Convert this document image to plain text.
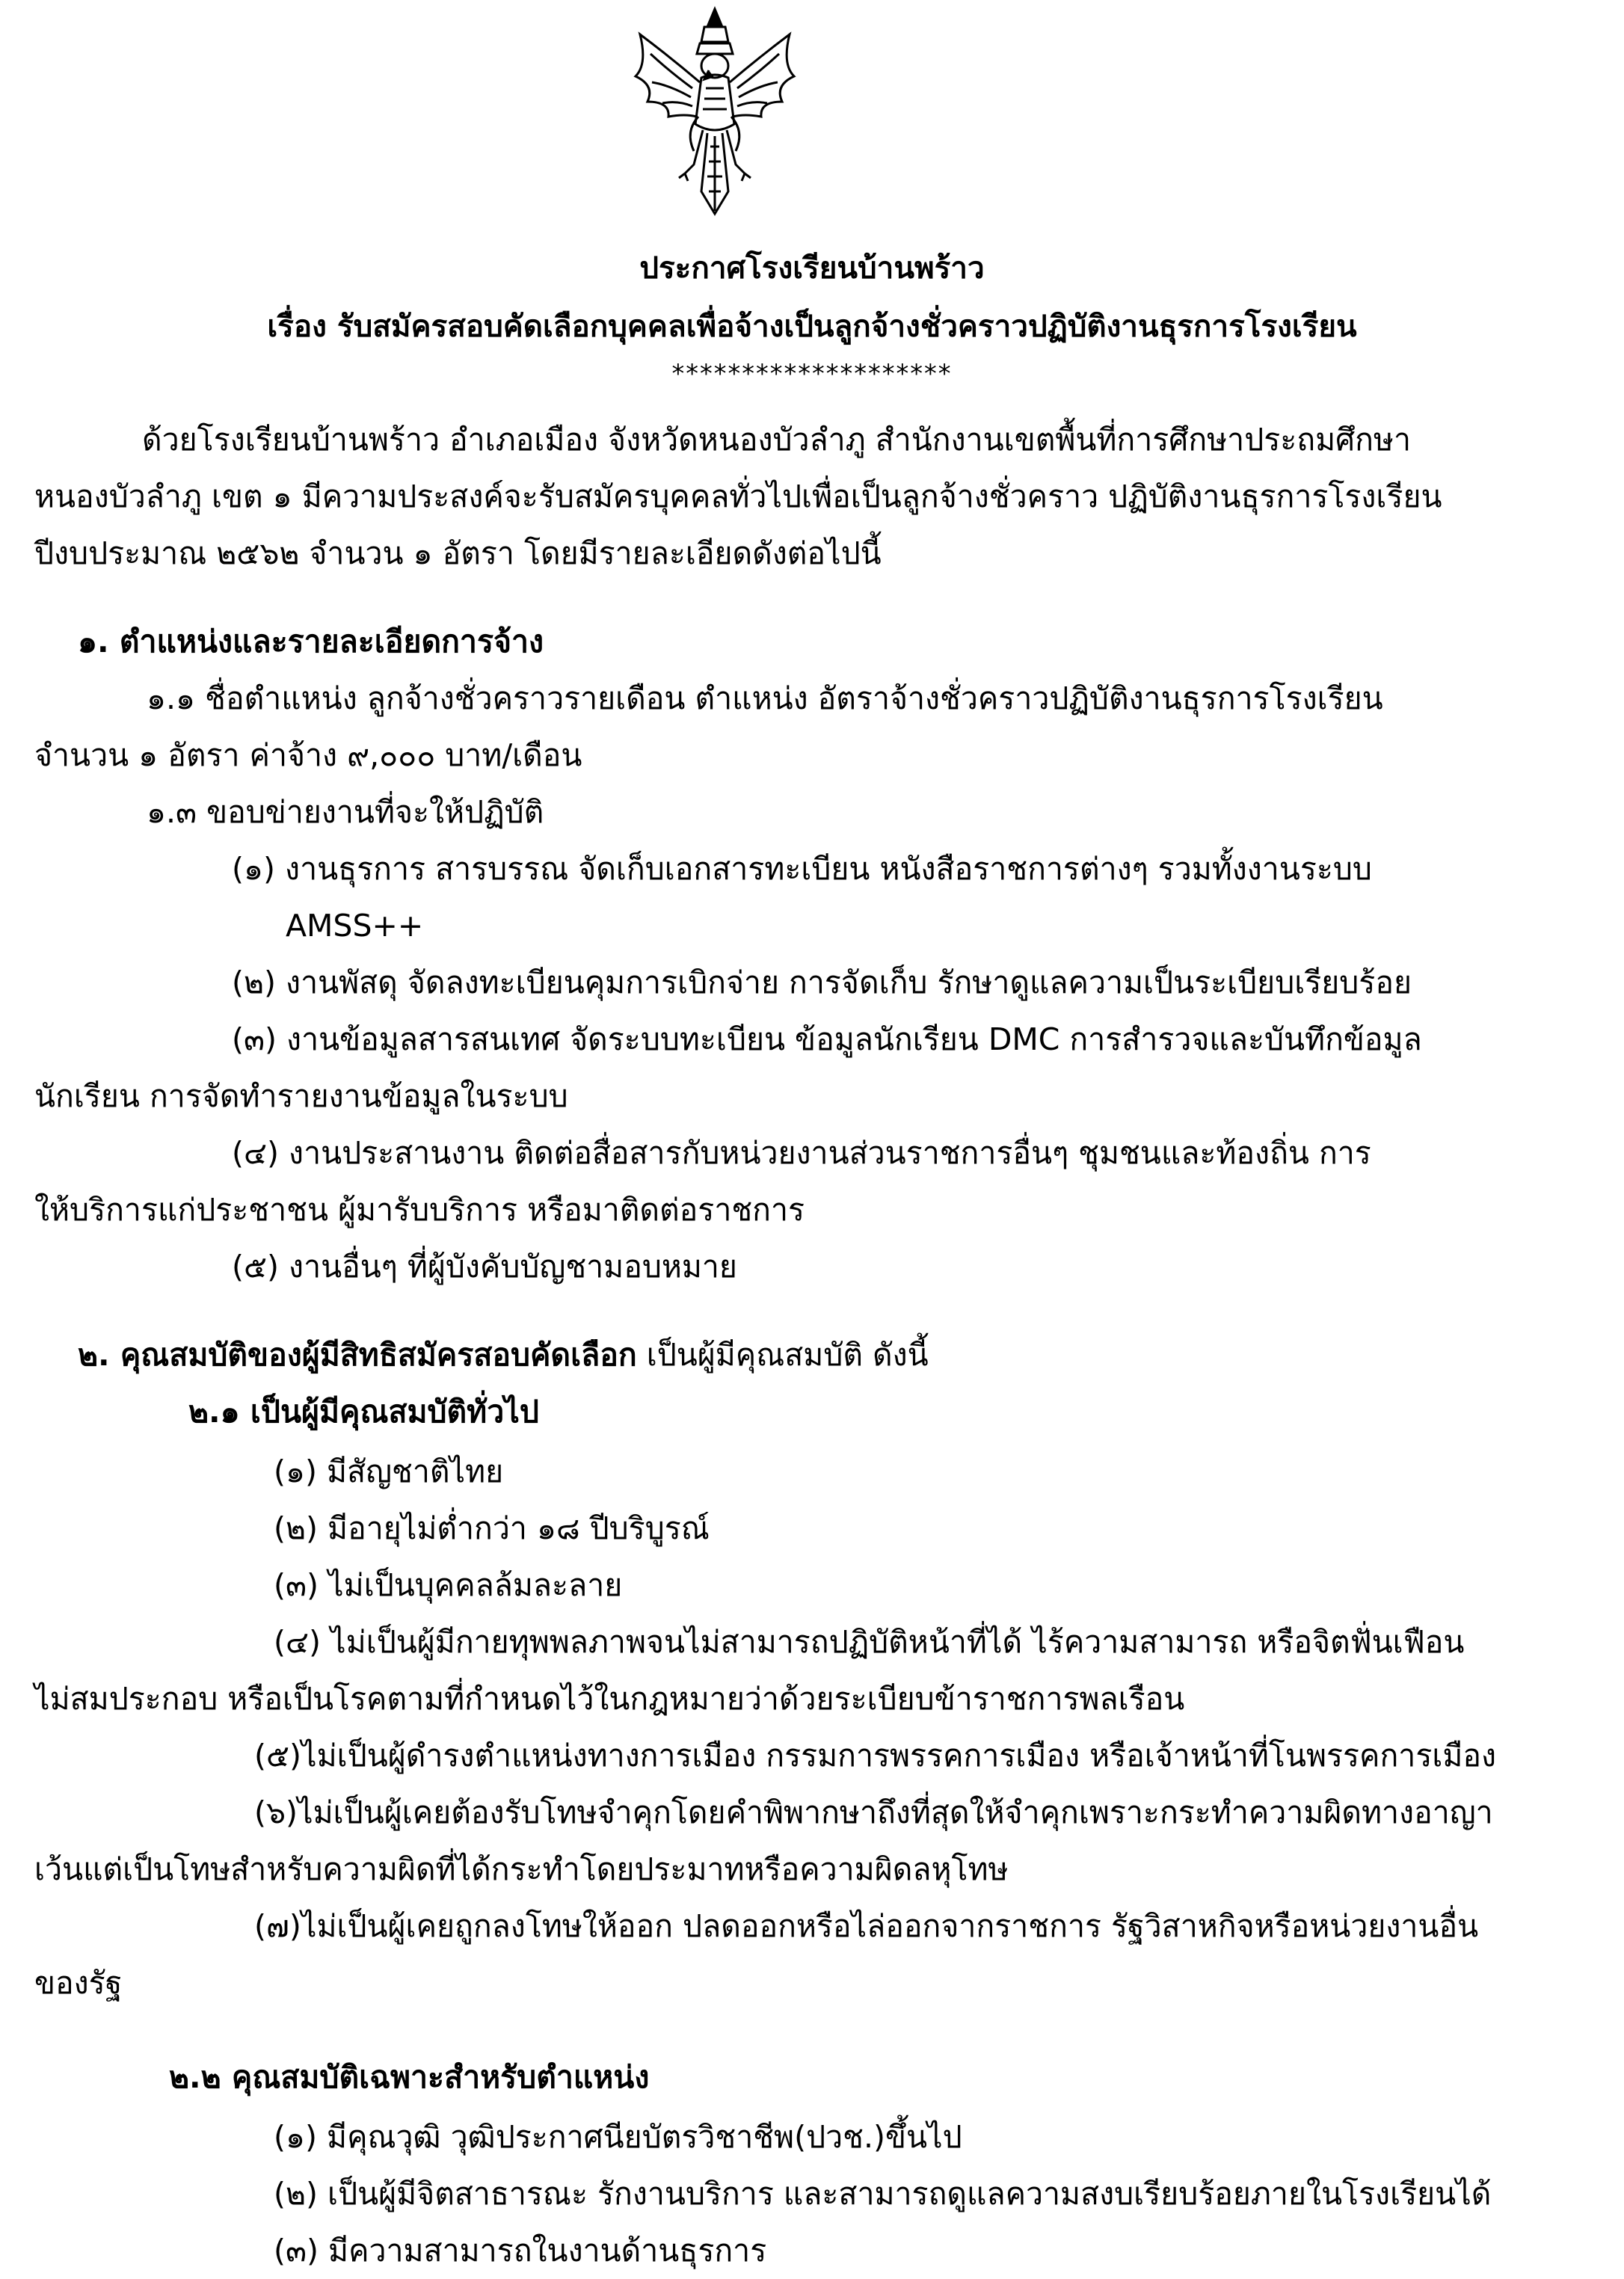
ประกาศโรงเรียนบ้านพร้าว
เรื่อง รับสมัครสอบคัดเลือกบุคคลเพื่อจ้างเป็นลูกจ้างชั่วคราวปฏิบัติงานธุรการโรงเรียน
********************
ด้วยโรงเรียนบ้านพร้าว อำเภอเมือง จังหวัดหนองบัวลำภู สำนักงานเขตพื้นที่การศึกษาประถมศึกษา
หนองบัวลำภู เขต ๑ มีความประสงค์จะรับสมัครบุคคลทั่วไปเพื่อเป็นลูกจ้างชั่วคราว ปฏิบัติงานธุรการโรงเรียน
ปีงบประมาณ ๒๕๖๒ จำนวน ๑ อัตรา โดยมีรายละเอียดดังต่อไปนี้
๑. ตำแหน่งและรายละเอียดการจ้าง
๑.๑ ชื่อตำแหน่ง ลูกจ้างชั่วคราวรายเดือน ตำแหน่ง อัตราจ้างชั่วคราวปฏิบัติงานธุรการโรงเรียน
จำนวน ๑ อัตรา ค่าจ้าง ๙,๐๐๐ บาท/เดือน
๑.๓ ขอบข่ายงานที่จะให้ปฏิบัติ
(๑) งานธุรการ สารบรรณ จัดเก็บเอกสารทะเบียน หนังสือราชการต่างๆ รวมทั้งงานระบบ
AMSS++
(๒) งานพัสดุ จัดลงทะเบียนคุมการเบิกจ่าย การจัดเก็บ รักษาดูแลความเป็นระเบียบเรียบร้อย
(๓) งานข้อมูลสารสนเทศ จัดระบบทะเบียน ข้อมูลนักเรียน DMC การสำรวจและบันทึกข้อมูล
นักเรียน การจัดทำรายงานข้อมูลในระบบ
(๔) งานประสานงาน ติดต่อสื่อสารกับหน่วยงานส่วนราชการอื่นๆ ชุมชนและท้องถิ่น การ
ให้บริการแก่ประชาชน ผู้มารับบริการ หรือมาติดต่อราชการ
(๕) งานอื่นๆ ที่ผู้บังคับบัญชามอบหมาย
๒. คุณสมบัติของผู้มีสิทธิสมัครสอบคัดเลือก เป็นผู้มีคุณสมบัติ ดังนี้
๒.๑ เป็นผู้มีคุณสมบัติทั่วไป
(๑) มีสัญชาติไทย
(๒) มีอายุไม่ต่ำกว่า ๑๘ ปีบริบูรณ์
(๓) ไม่เป็นบุคคลล้มละลาย
(๔) ไม่เป็นผู้มีกายทุพพลภาพจนไม่สามารถปฏิบัติหน้าที่ได้ ไร้ความสามารถ หรือจิตฟั่นเฟือน
ไม่สมประกอบ หรือเป็นโรคตามที่กำหนดไว้ในกฎหมายว่าด้วยระเบียบข้าราชการพลเรือน
(๕)ไม่เป็นผู้ดำรงตำแหน่งทางการเมือง กรรมการพรรคการเมือง หรือเจ้าหน้าที่โนพรรคการเมือง
(๖)ไม่เป็นผู้เคยต้องรับโทษจำคุกโดยคำพิพากษาถึงที่สุดให้จำคุกเพราะกระทำความผิดทางอาญา
เว้นแต่เป็นโทษสำหรับความผิดที่ได้กระทำโดยประมาทหรือความผิดลหุโทษ
(๗)ไม่เป็นผู้เคยถูกลงโทษให้ออก ปลดออกหรือไล่ออกจากราชการ รัฐวิสาหกิจหรือหน่วยงานอื่น
ของรัฐ
๒.๒ คุณสมบัติเฉพาะสำหรับตำแหน่ง
(๑) มีคุณวุฒิ วุฒิประกาศนียบัตรวิชาชีพ(ปวช.)ขึ้นไป
(๒) เป็นผู้มีจิตสาธารณะ รักงานบริการ และสามารถดูแลความสงบเรียบร้อยภายในโรงเรียนได้
(๓) มีความสามารถในงานด้านธุรการ
